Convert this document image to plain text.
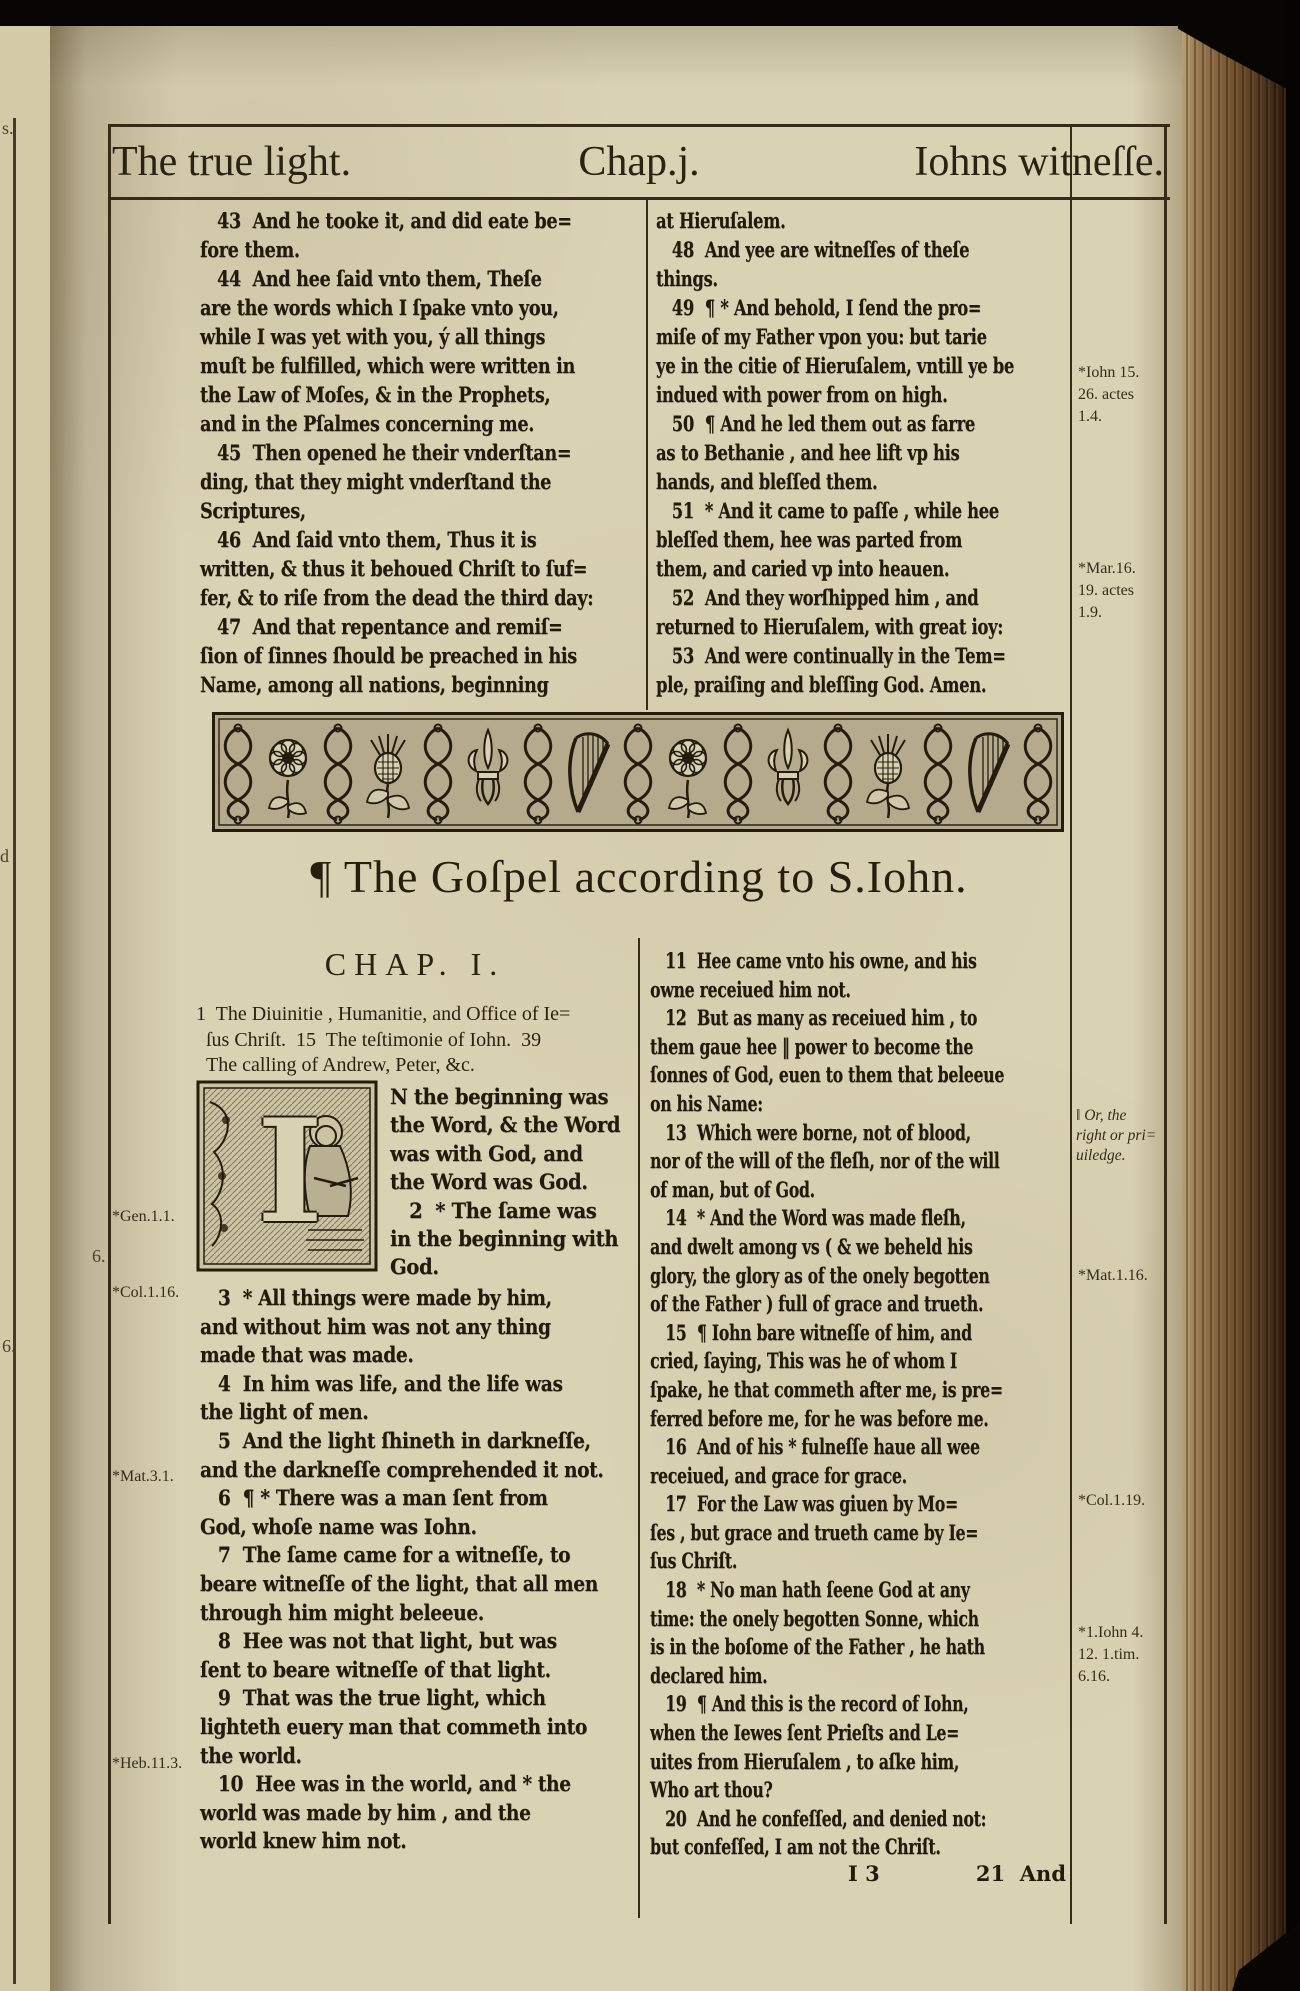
s.
d
6.
6.
The true light.	Chap.j.	Iohns witneſſe.
  43  And he tooke it, and did eate be=
fore them.
  44  And hee ſaid vnto them, Theſe
are the words which I ſpake vnto you,
while I was yet with you, ý all things
muſt be fulfilled, which were written in
the Law of Moſes, & in the Prophets,
and in the Pſalmes concerning me.
  45  Then opened he their vnderſtan=
ding, that they might vnderſtand the
Scriptures,
  46  And ſaid vnto them, Thus it is
written, & thus it behoued Chriſt to ſuf=
fer, & to riſe from the dead the third day:
  47  And that repentance and remiſ=
ſion of ſinnes ſhould be preached in his
Name, among all nations, beginning
at Hieruſalem.
  48  And yee are witneſſes of theſe
things.
  49  ¶ * And behold, I ſend the pro=
miſe of my Father vpon you: but tarie
ye in the citie of Hieruſalem, vntill ye be
indued with power from on high.
  50  ¶ And he led them out as farre
as to Bethanie , and hee lift vp his
hands, and bleſſed them.
  51  * And it came to paſſe , while hee
bleſſed them, hee was parted from
them, and caried vp into heauen.
  52  And they worſhipped him , and
returned to Hieruſalem, with great ioy:
  53  And were continually in the Tem=
ple, praiſing and bleſſing God. Amen.

*Iohn 15.
26. actes
1.4.

*Mar.16.
19. actes
1.9.
¶ The Goſpel according to S.Iohn.
CHAP. I.
1  The Diuinitie , Humanitie, and Office of Ie=
 ſus Chriſt.  15  The teſtimonie of Iohn.  39
 The calling of Andrew, Peter, &c.
I	N the beginning was
the Word, & the Word
was with God, and
the Word was God.
 2  * The ſame was
in the beginning with
God.
  3  * All things were made by him,
and without him was not any thing
made that was made.
  4  In him was life, and the life was
the light of men.
  5  And the light ſhineth in darkneſſe,
and the darkneſſe comprehended it not.
  6  ¶ * There was a man ſent from
God, whoſe name was Iohn.
  7  The ſame came for a witneſſe, to
beare witneſſe of the light, that all men
through him might beleeue.
  8  Hee was not that light, but was
ſent to beare witneſſe of that light.
  9  That was the true light, which
lighteth euery man that commeth into
the world.
  10  Hee was in the world, and * the
world was made by him , and the
world knew him not.
  11  Hee came vnto his owne, and his
owne receiued him not.
  12  But as many as receiued him , to
them gaue hee ‖ power to become the
ſonnes of God, euen to them that beleeue
on his Name:
  13  Which were borne, not of blood,
nor of the will of the fleſh, nor of the will
of man, but of God.
  14  * And the Word was made fleſh,
and dwelt among vs ( & we beheld his
glory, the glory as of the onely begotten
of the Father ) full of grace and trueth.
  15  ¶ Iohn bare witneſſe of him, and
cried, ſaying, This was he of whom I
ſpake, he that commeth after me, is pre=
ferred before me, for he was before me.
  16  And of his * fulneſſe haue all wee
receiued, and grace for grace.
  17  For the Law was giuen by Mo=
ſes , but grace and trueth came by Ie=
ſus Chriſt.
  18  * No man hath ſeene God at any
time: the onely begotten Sonne, which
is in the boſome of the Father , he hath
declared him.
  19  ¶ And this is the record of Iohn,
when the Iewes ſent Prieſts and Le=
uites from Hieruſalem , to aſke him,
Who art thou?
  20  And he confeſſed, and denied not:
but confeſſed, I am not the Chriſt.
I 3	21  And
*Gen.1.1.
*Col.1.16.
*Mat.3.1.
*Heb.11.3.

‖ Or, the
right or pri=
uiledge.

*Mat.1.16.

*Col.1.19.

*1.Iohn 4.
12. 1.tim.
6.16.
